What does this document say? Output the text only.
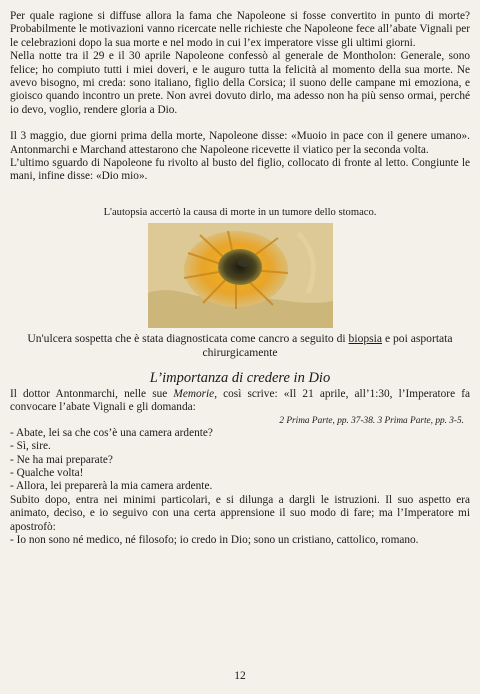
Per quale ragione si diffuse allora la fama che Napoleone si fosse convertito in punto di morte? Probabilmente le motivazioni vanno ricercate nelle richieste che Napoleone fece all’abate Vignali per le celebrazioni dopo la sua morte e nel modo in cui l’ex imperatore visse gli ultimi giorni.

Nella notte tra il 29 e il 30 aprile Napoleone confessò al generale de Montholon: Generale, sono felice; ho compiuto tutti i miei doveri, e le auguro tutta la felicità al momento della sua morte. Ne avevo bisogno, mi creda: sono italiano, figlio della Corsica; il suono delle campane mi emoziona, e gioisco quando incontro un prete. Non avrei dovuto dirlo, ma adesso non ha più senso ormai, perché io devo, voglio, rendere gloria a Dio.

Il 3 maggio, due giorni prima della morte, Napoleone disse: «Muoio in pace con il genere umano». Antonmarchi e Marchand attestarono che Napoleone ricevette il viatico per la seconda volta.

L’ultimo sguardo di Napoleone fu rivolto al busto del figlio, collocato di fronte al letto. Congiunte le mani, infine disse: «Dio mio».

L'autopsia accertò la causa di morte in un tumore dello stomaco.

Un'ulcera sospetta che è stata diagnosticata come cancro a seguito di biopsia e poi asportata chirurgicamente

L’importanza di credere in Dio

Il dottor Antonmarchi, nelle sue Memorie, così scrive: «Il 21 aprile, all’1:30, l’Imperatore fa convocare l’abate Vignali e gli domanda:

2 Prima Parte, pp. 37-38. 3 Prima Parte, pp. 3-5.

- Abate, lei sa che cos’è una camera ardente?

- Sì, sire.

- Ne ha mai preparate?

- Qualche volta!

- Allora, lei preparerà la mia camera ardente.

Subito dopo, entra nei minimi particolari, e si dilunga a dargli le istruzioni. Il suo aspetto era animato, deciso, e io seguivo con una certa apprensione il suo modo di fare; ma l’Imperatore mi apostrofò:

- Io non sono né medico, né filosofo; io credo in Dio; sono un cristiano, cattolico, romano.

12
